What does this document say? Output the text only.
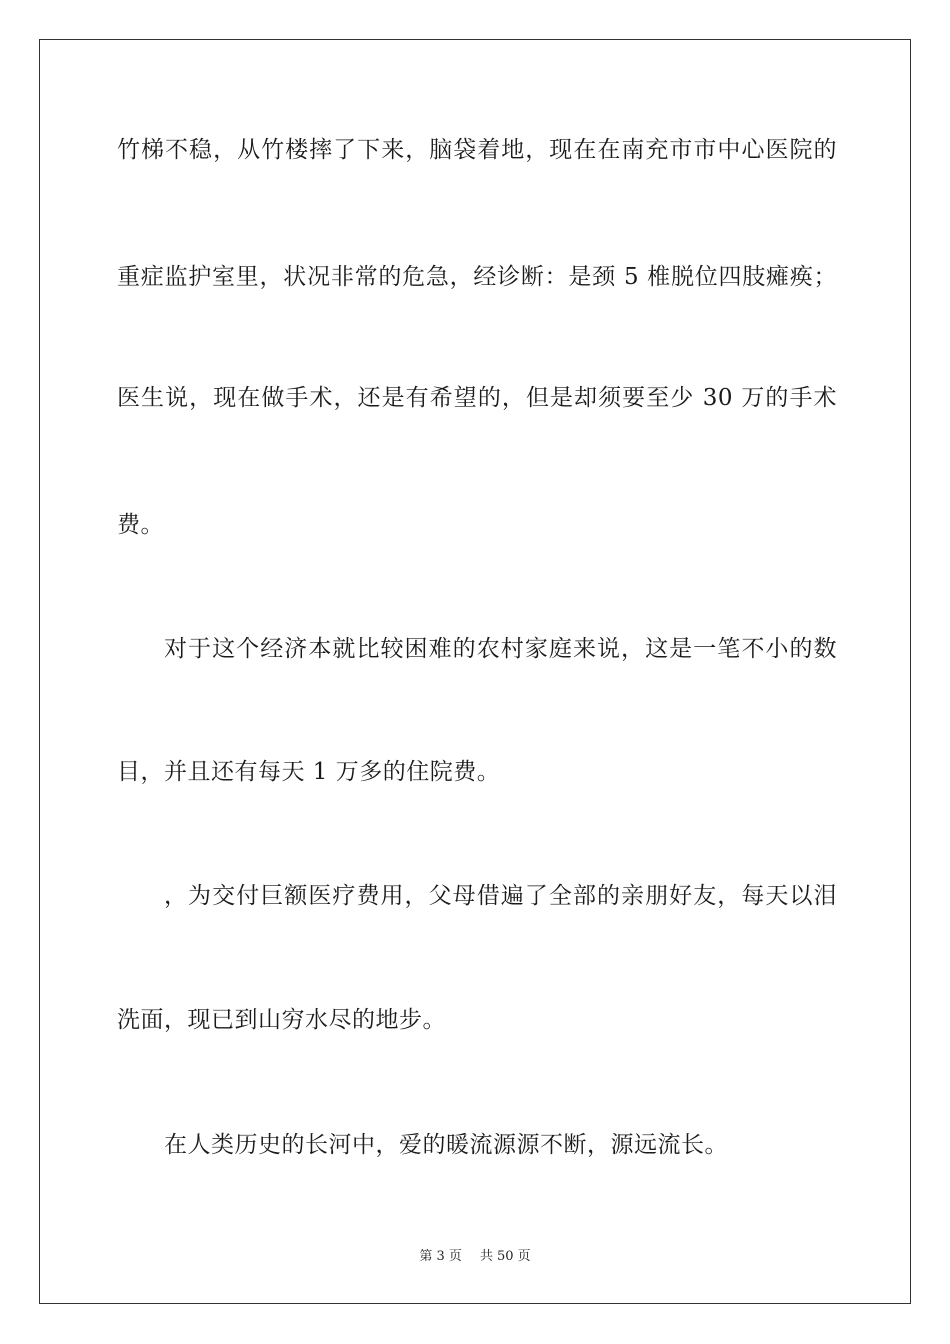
竹梯不稳，从竹楼摔了下来，脑袋着地，现在在南充市市中心医院的
重症监护室里，状况非常的危急，经诊断：是颈 5 椎脱位四肢瘫痪；
医生说，现在做手术，还是有希望的，但是却须要至少 30 万的手术
费。
对于这个经济本就比较困难的农村家庭来说，这是一笔不小的数
目，并且还有每天 1 万多的住院费。
，为交付巨额医疗费用，父母借遍了全部的亲朋好友，每天以泪
洗面，现已到山穷水尽的地步。
在人类历史的长河中，爱的暖流源源不断，源远流长。
第 3 页 共 50 页
